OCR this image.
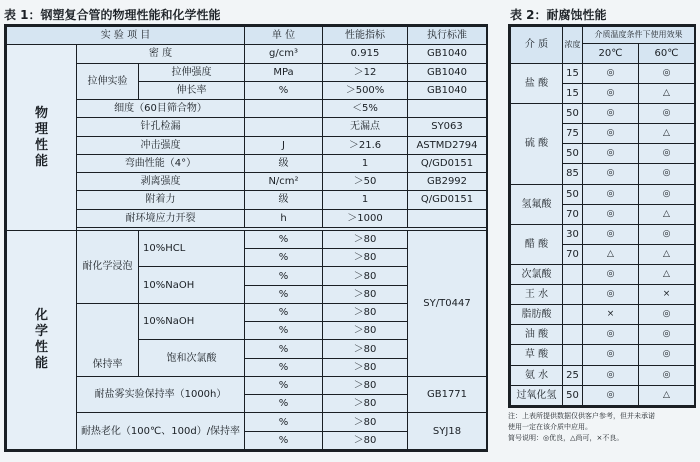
表 1：钢塑复合管的物理性能和化学性能
实 验 项 目			单 位	性能指标	执行标准
物理性能	密 度		g/cm³	0.915	GB1040
	拉伸实验	拉伸强度	MPa	＞12	GB1040
		伸长率	%	＞500%	GB1040
	细度（60目筛合物）			＜5%	
	针孔检漏			无漏点	SY063
	冲击强度		J	＞21.6	ASTMD2794
	弯曲性能（4°）		级	1	Q/GD0151
	剥离强度		N/cm²	＞50	GB2992
	附着力		级	1	Q/GD0151
	耐环境应力开裂		h	＞1000	

化学性能	耐化学浸泡	10%HCL	%	＞80	SY/T0447
			%	＞80	
		10%NaOH	%	＞80	
			%	＞80	
	保持率	10%NaOH	%	＞80	
			%	＞80	
		饱和次氯酸	%	＞80	
			%	＞80	
	耐盐雾实验保持率（1000h）		%	＞80	GB1771
			%	＞80	
	耐热老化（100℃、100d）/保持率		%	＞80	SYJ18
			%	＞80	
表 2：耐腐蚀性能
介 质	浓度	介质温度条件下使用效果	
		20℃	60℃
盐 酸	15	◎	◎
	15	◎	△
硫 酸	50	◎	◎
	75	◎	△
	50	◎	◎
	85	◎	◎
氢氟酸	50	◎	◎
	70	◎	△
醋 酸	30	◎	◎
	70	△	△
次氯酸		◎	△
王 水		◎	×
脂肪酸		×	◎
油 酸		◎	◎
草 酸		◎	◎
氨 水	25	◎	◎
过氧化氢	50	◎	△
注：上表所提供数据仅供客户参考，但并未承诺
使用一定在该介质中应用。
简号说明：◎优良，△尚可，×不良。
